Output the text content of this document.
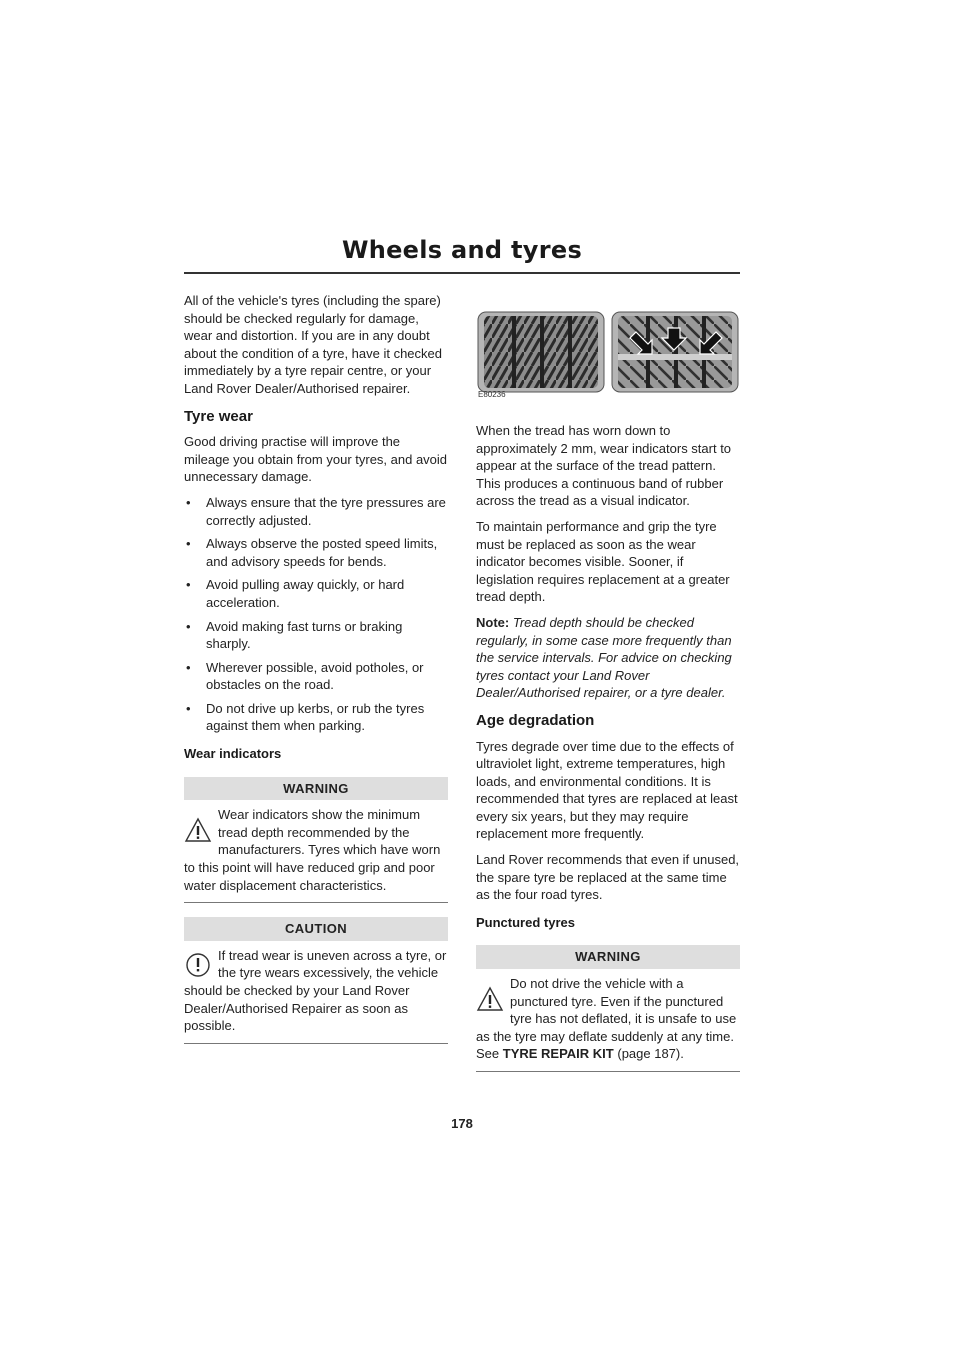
Wheels and tyres

All of the vehicle's tyres (including the spare) should be checked regularly for damage, wear and distortion. If you are in any doubt about the condition of a tyre, have it checked immediately by a tyre repair centre, or your Land Rover Dealer/Authorised repairer.

Tyre wear

Good driving practise will improve the mileage you obtain from your tyres, and avoid unnecessary damage.

• Always ensure that the tyre pressures are correctly adjusted.
• Always observe the posted speed limits, and advisory speeds for bends.
• Avoid pulling away quickly, or hard acceleration.
• Avoid making fast turns or braking sharply.
• Wherever possible, avoid potholes, or obstacles on the road.
• Do not drive up kerbs, or rub the tyres against them when parking.
Wear indicators
WARNING
Wear indicators show the minimum tread depth recommended by the manufacturers. Tyres which have worn to this point will have reduced grip and poor water displacement characteristics.
CAUTION
If tread wear is uneven across a tyre, or the tyre wears excessively, the vehicle should be checked by your Land Rover Dealer/Authorised Repairer as soon as possible.
E80236

When the tread has worn down to approximately 2 mm, wear indicators start to appear at the surface of the tread pattern. This produces a continuous band of rubber across the tread as a visual indicator.

To maintain performance and grip the tyre must be replaced as soon as the wear indicator becomes visible. Sooner, if legislation requires replacement at a greater tread depth.

Note: Tread depth should be checked regularly, in some case more frequently than the service intervals. For advice on checking tyres contact your Land Rover Dealer/Authorised repairer, or a tyre dealer.

Age degradation

Tyres degrade over time due to the effects of ultraviolet light, extreme temperatures, high loads, and environmental conditions. It is recommended that tyres are replaced at least every six years, but they may require replacement more frequently.

Land Rover recommends that even if unused, the spare tyre be replaced at the same time as the four road tyres.

Punctured tyres
WARNING
Do not drive the vehicle with a punctured tyre. Even if the punctured tyre has not deflated, it is unsafe to use as the tyre may deflate suddenly at any time. See TYRE REPAIR KIT (page 187).
178
